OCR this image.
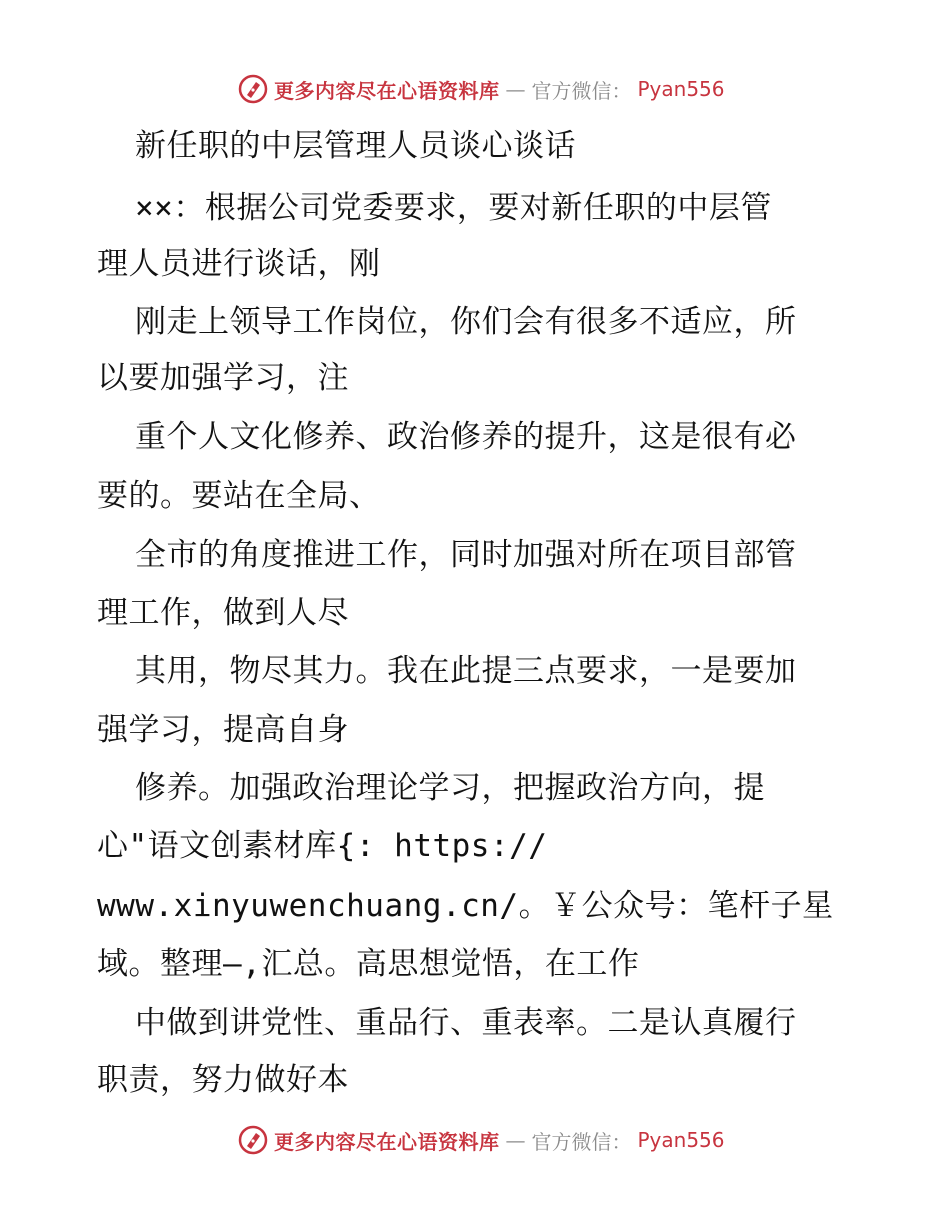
更多内容尽在心语资料库 — 官方微信： Pyan556
新任职的中层管理人员谈心谈话
××：根据公司党委要求，要对新任职的中层管
理人员进行谈话，刚
刚走上领导工作岗位，你们会有很多不适应，所
以要加强学习，注
重个人文化修养、政治修养的提升，这是很有必
要的。要站在全局、
全市的角度推进工作，同时加强对所在项目部管
理工作，做到人尽
其用，物尽其力。我在此提三点要求，一是要加
强学习，提高自身
修养。加强政治理论学习，把握政治方向，提
心"语文创素材库{: https://
www.xinyuwenchuang.cn/。￥公众号：笔杆子星
域。整理—,汇总。高思想觉悟，在工作
中做到讲党性、重品行、重表率。二是认真履行
职责，努力做好本
更多内容尽在心语资料库 — 官方微信： Pyan556
